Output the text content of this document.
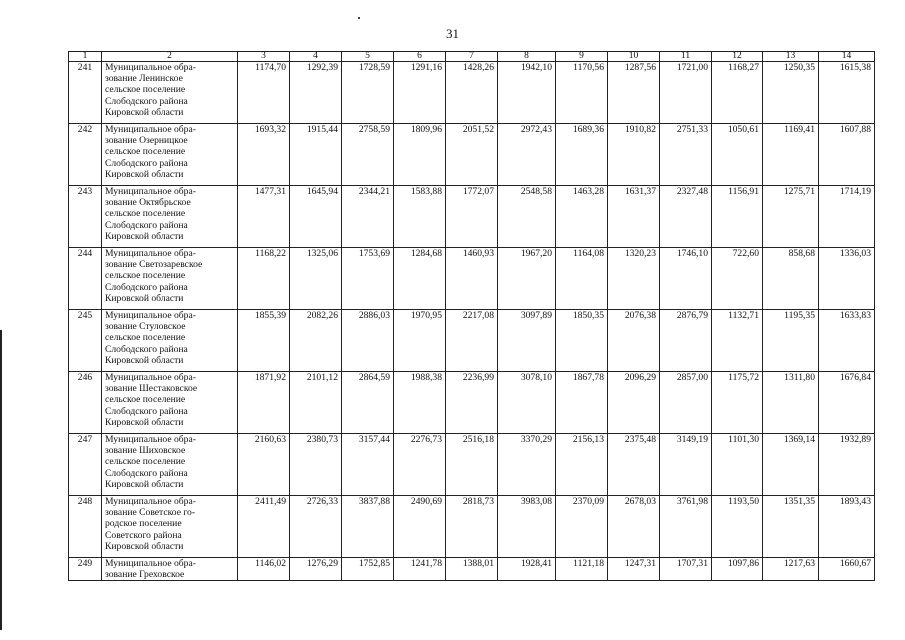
31
1	2	3	4	5	6	7	8	9	10	11	12	13	14
241	Муниципальное обра-
зование Ленинское
сельское поселение
Слободского района
Кировской области	1174,70	1292,39	1728,59	1291,16	1428,26	1942,10	1170,56	1287,56	1721,00	1168,27	1250,35	1615,38
242	Муниципальное обра-
зование Озерницкое
сельское поселение
Слободского района
Кировской области	1693,32	1915,44	2758,59	1809,96	2051,52	2972,43	1689,36	1910,82	2751,33	1050,61	1169,41	1607,88
243	Муниципальное обра-
зование Октябрьское
сельское поселение
Слободского района
Кировской области	1477,31	1645,94	2344,21	1583,88	1772,07	2548,58	1463,28	1631,37	2327,48	1156,91	1275,71	1714,19
244	Муниципальное обра-
зование Светозаревское
сельское поселение
Слободского района
Кировской области	1168,22	1325,06	1753,69	1284,68	1460,93	1967,20	1164,08	1320,23	1746,10	722,60	858,68	1336,03
245	Муниципальное обра-
зование Стуловское
сельское поселение
Слободского района
Кировской области	1855,39	2082,26	2886,03	1970,95	2217,08	3097,89	1850,35	2076,38	2876,79	1132,71	1195,35	1633,83
246	Муниципальное обра-
зование Шестаковское
сельское поселение
Слободского района
Кировской области	1871,92	2101,12	2864,59	1988,38	2236,99	3078,10	1867,78	2096,29	2857,00	1175,72	1311,80	1676,84
247	Муниципальное обра-
зование Шиховское
сельское поселение
Слободского района
Кировской области	2160,63	2380,73	3157,44	2276,73	2516,18	3370,29	2156,13	2375,48	3149,19	1101,30	1369,14	1932,89
248	Муниципальное обра-
зование Советское го-
родское поселение
Советского района
Кировской области	2411,49	2726,33	3837,88	2490,69	2818,73	3983,08	2370,09	2678,03	3761,98	1193,50	1351,35	1893,43
249	Муниципальное обра-
зование Греховское	1146,02	1276,29	1752,85	1241,78	1388,01	1928,41	1121,18	1247,31	1707,31	1097,86	1217,63	1660,67
